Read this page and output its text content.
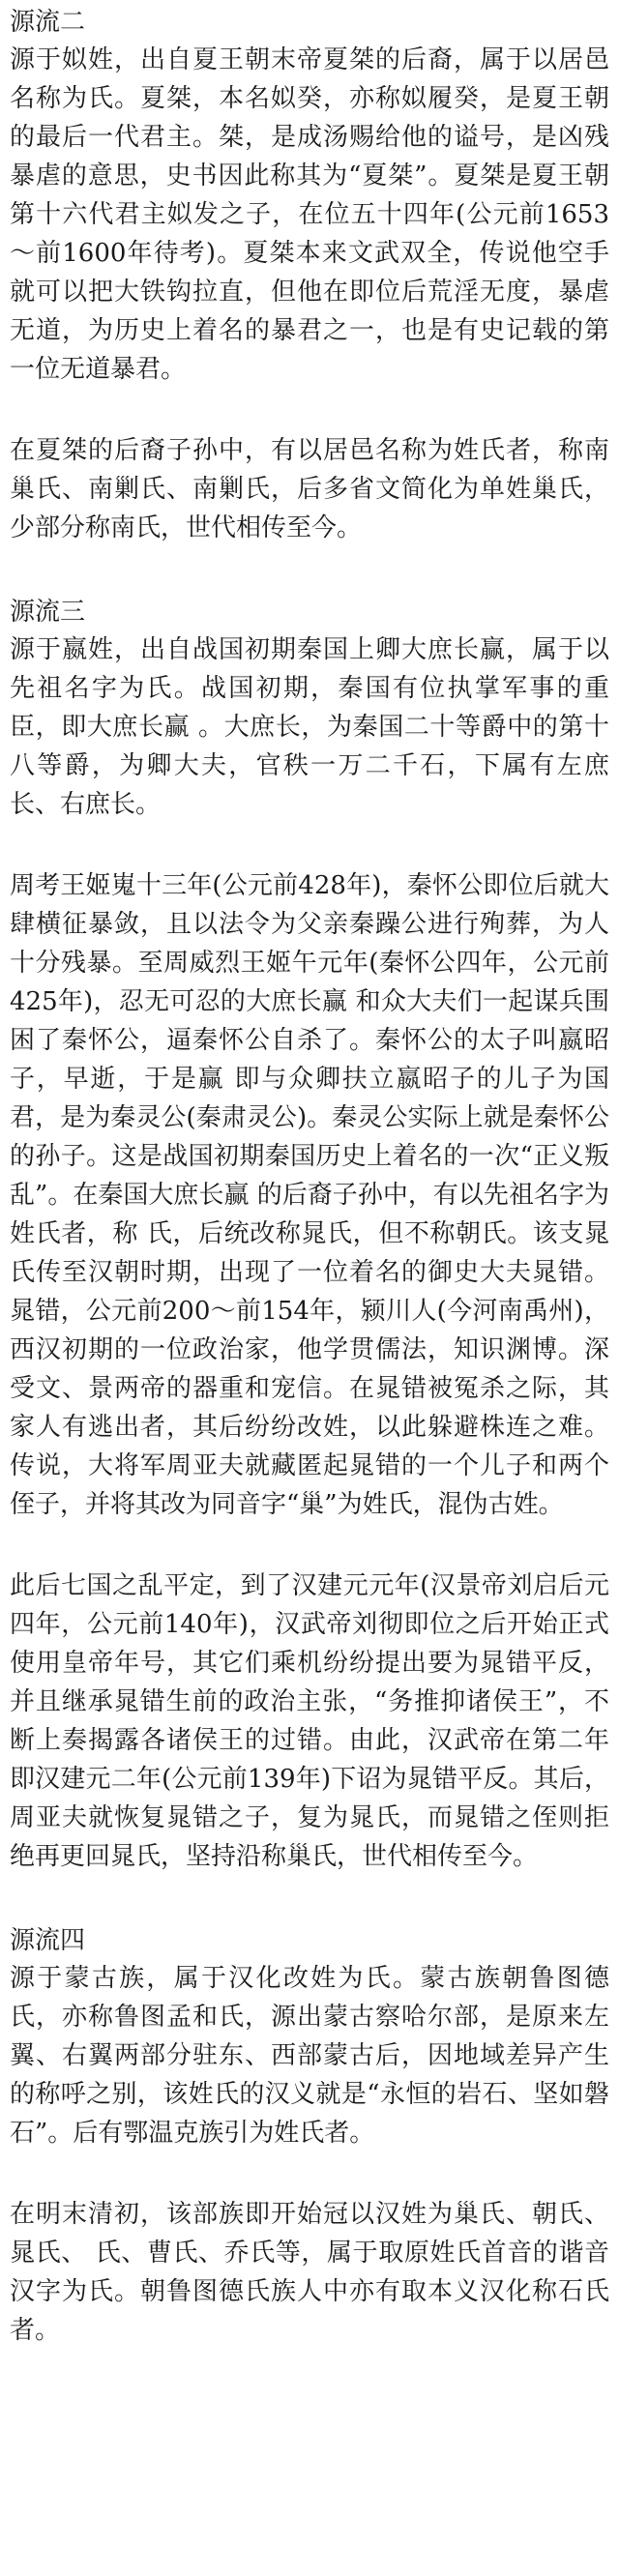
源流二

源于姒姓，出自夏王朝末帝夏桀的后裔，属于以居邑名称为氏。夏桀，本名姒癸，亦称姒履癸，是夏王朝的最后一代君主。桀，是成汤赐给他的谥号，是凶残暴虐的意思，史书因此称其为“夏桀”。夏桀是夏王朝第十六代君主姒发之子，在位五十四年(公元前1653～前1600年待考)。夏桀本来文武双全，传说他空手就可以把大铁钩拉直，但他在即位后荒淫无度，暴虐无道，为历史上着名的暴君之一，也是有史记载的第一位无道暴君。

在夏桀的后裔子孙中，有以居邑名称为姓氏者，称南巢氏、南剿氏、南剿氏，后多省文简化为单姓巢氏，少部分称南氏，世代相传至今。

源流三

源于嬴姓，出自战国初期秦国上卿大庶长赢，属于以先祖名字为氏。战国初期，秦国有位执掌军事的重臣，即大庶长赢 。大庶长，为秦国二十等爵中的第十八等爵，为卿大夫，官秩一万二千石，下属有左庶长、右庶长。

周考王姬嵬十三年(公元前428年)，秦怀公即位后就大肆横征暴敛，且以法令为父亲秦躁公进行殉葬，为人十分残暴。至周威烈王姬午元年(秦怀公四年，公元前425年)，忍无可忍的大庶长赢 和众大夫们一起谋兵围困了秦怀公，逼秦怀公自杀了。秦怀公的太子叫嬴昭子，早逝，于是赢 即与众卿扶立嬴昭子的儿子为国君，是为秦灵公(秦肃灵公)。秦灵公实际上就是秦怀公的孙子。这是战国初期秦国历史上着名的一次“正义叛乱”。在秦国大庶长赢 的后裔子孙中，有以先祖名字为姓氏者，称 氏，后统改称晁氏，但不称朝氏。该支晁氏传至汉朝时期，出现了一位着名的御史大夫晁错。晁错，公元前200～前154年，颍川人(今河南禹州)，西汉初期的一位政治家，他学贯儒法，知识渊博。深受文、景两帝的器重和宠信。在晁错被冤杀之际，其家人有逃出者，其后纷纷改姓，以此躲避株连之难。传说，大将军周亚夫就藏匿起晁错的一个儿子和两个侄子，并将其改为同音字“巢”为姓氏，混伪古姓。

此后七国之乱平定，到了汉建元元年(汉景帝刘启后元四年，公元前140年)，汉武帝刘彻即位之后开始正式使用皇帝年号，其它们乘机纷纷提出要为晁错平反，并且继承晁错生前的政治主张，“务推抑诸侯王”，不断上奏揭露各诸侯王的过错。由此，汉武帝在第二年即汉建元二年(公元前139年)下诏为晁错平反。其后，周亚夫就恢复晁错之子，复为晁氏，而晁错之侄则拒绝再更回晁氏，坚持沿称巢氏，世代相传至今。

源流四

源于蒙古族，属于汉化改姓为氏。蒙古族朝鲁图德氏，亦称鲁图孟和氏，源出蒙古察哈尔部，是原来左翼、右翼两部分驻东、西部蒙古后，因地域差异产生的称呼之别，该姓氏的汉义就是“永恒的岩石、坚如磐石”。后有鄂温克族引为姓氏者。

在明末清初，该部族即开始冠以汉姓为巢氏、朝氏、晁氏、 氏、曹氏、乔氏等，属于取原姓氏首音的谐音汉字为氏。朝鲁图德氏族人中亦有取本义汉化称石氏者。
